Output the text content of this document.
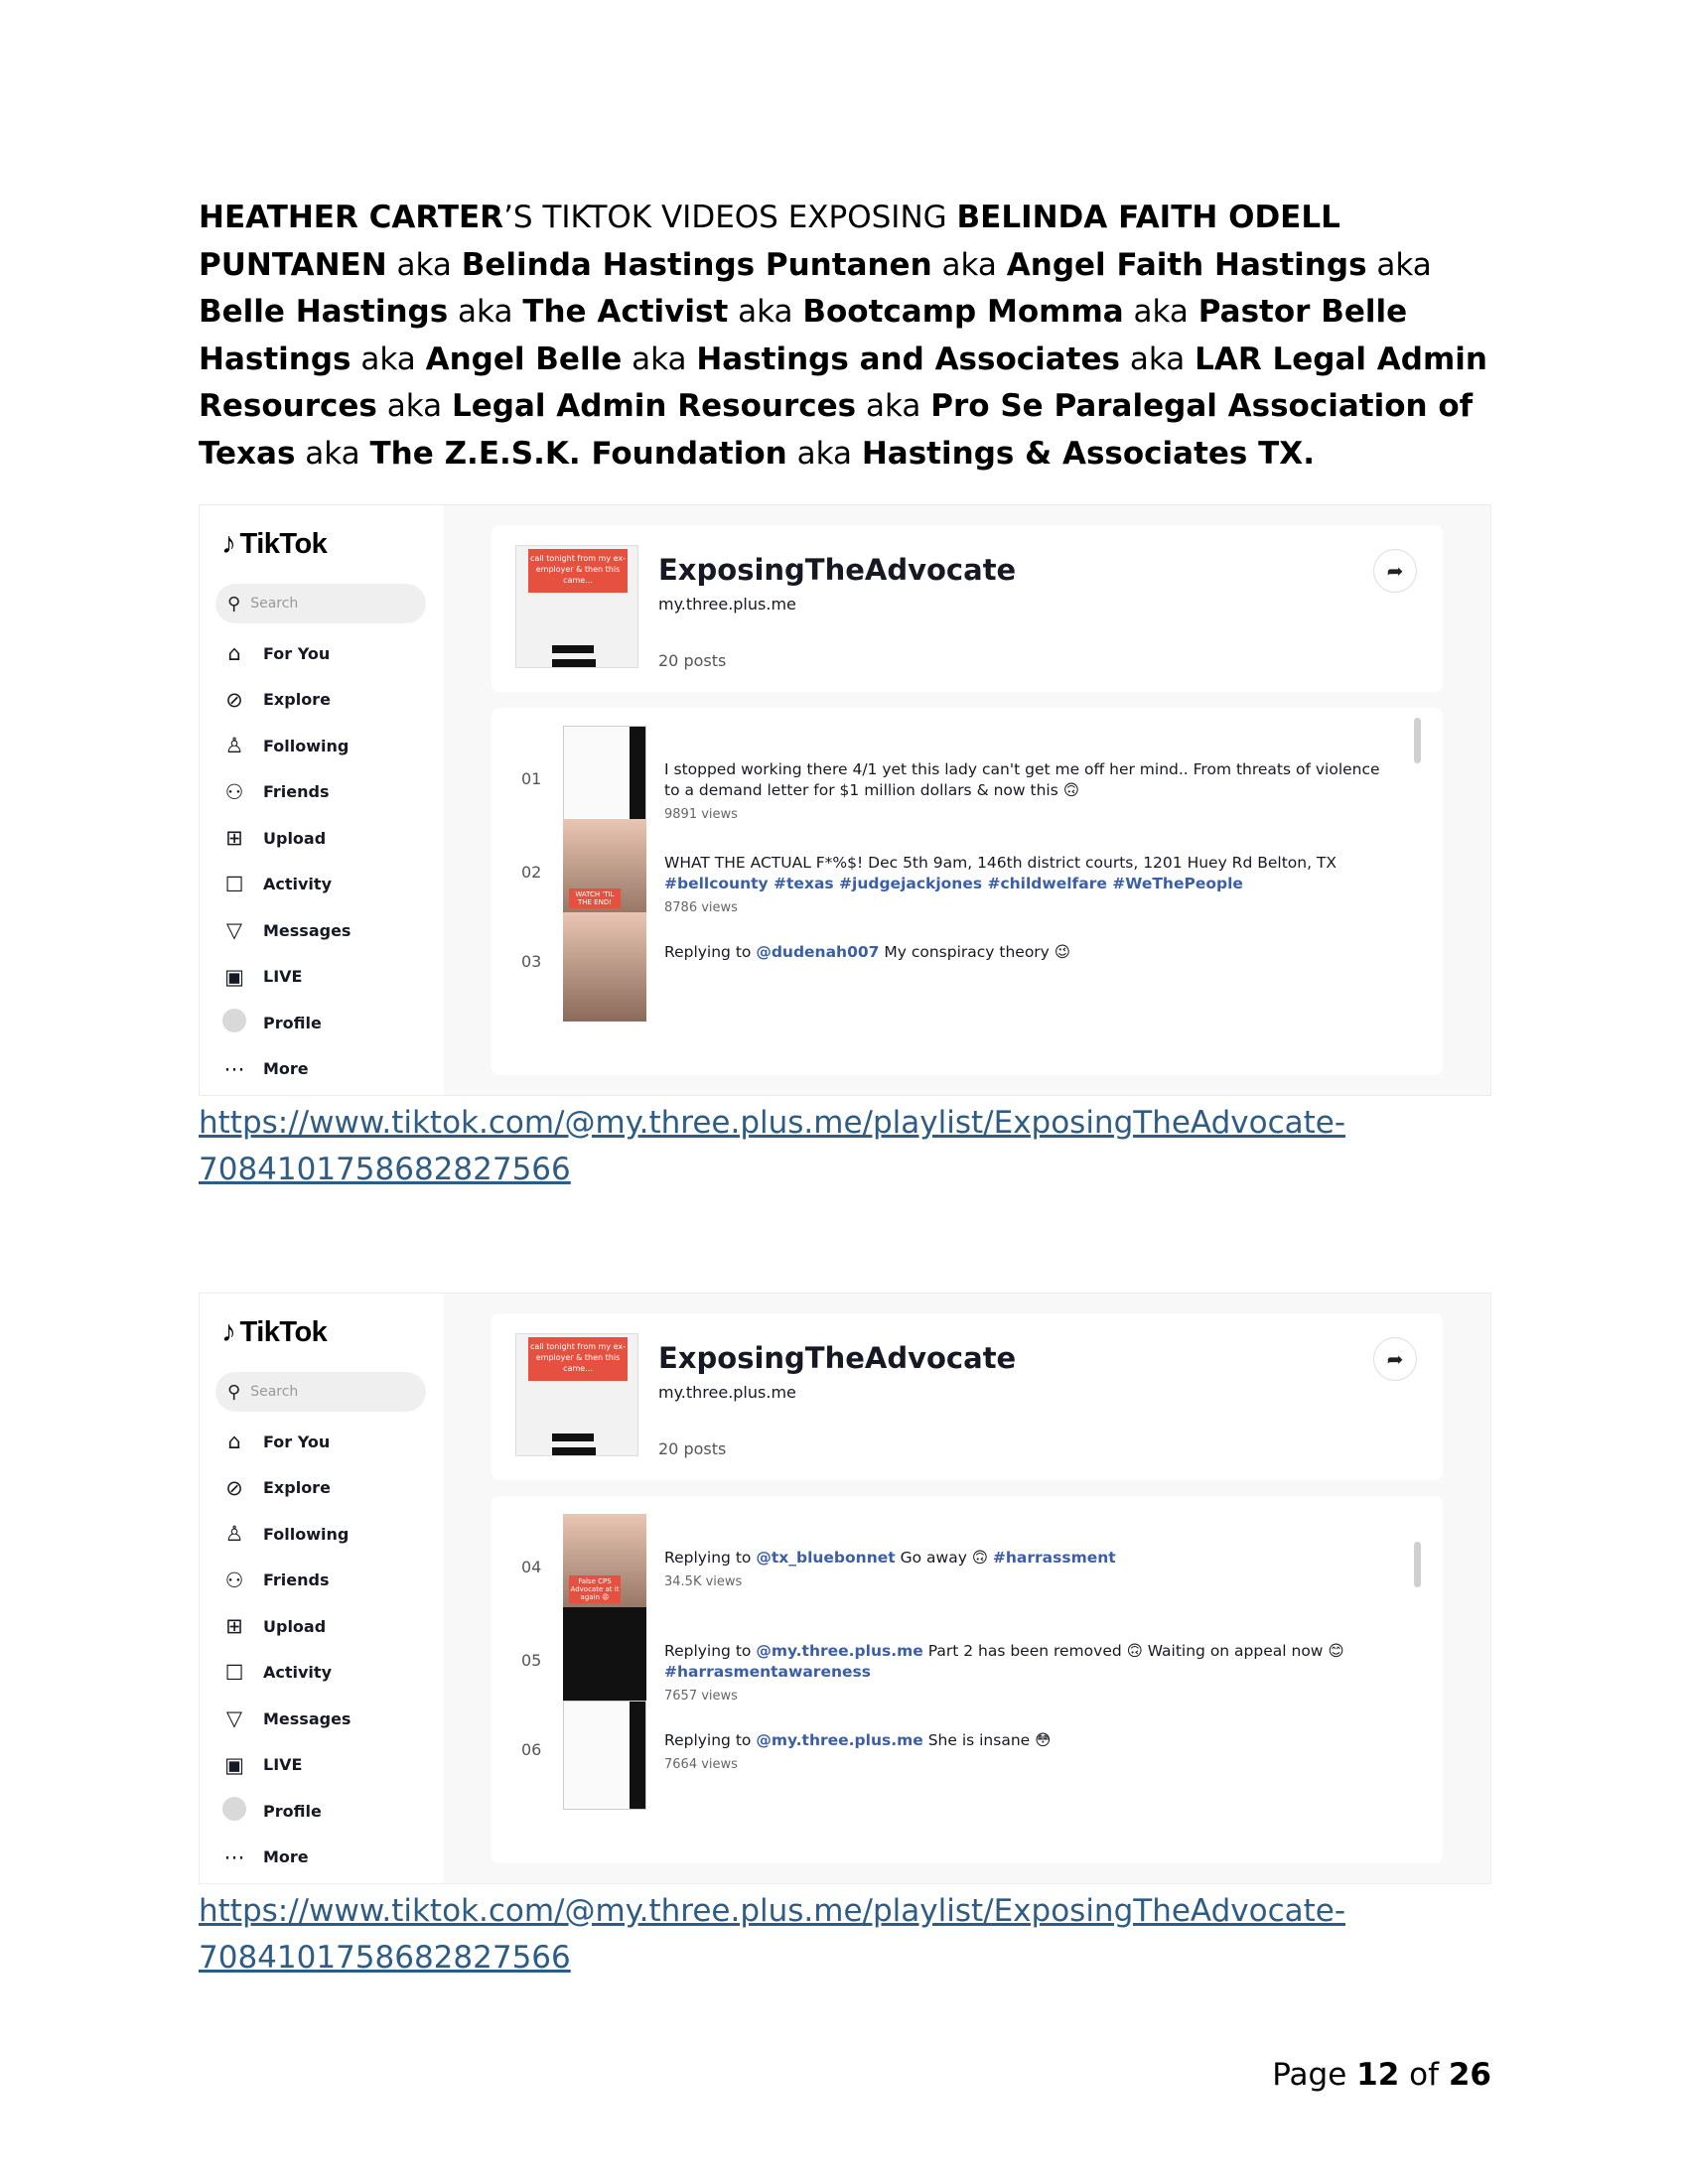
HEATHER CARTER’S TIKTOK VIDEOS EXPOSING BELINDA FAITH ODELL PUNTANEN aka Belinda Hastings Puntanen aka Angel Faith Hastings aka Belle Hastings aka The Activist aka Bootcamp Momma aka Pastor Belle Hastings aka Angel Belle aka Hastings and Associates aka LAR Legal Admin Resources aka Legal Admin Resources aka Pro Se Paralegal Association of Texas aka The Z.E.S.K. Foundation aka Hastings & Associates TX.
♪ TikTok
⚲ Search
⌂	For You
⊘ Explore
♙ Following
⚇ Friends
⊞ Upload
☐ Activity
▽	Messages
▣ LIVE
Profile
⋯ More
call tonight from my ex-employer & then this came...	ExposingTheAdvocate
my.three.plus.me
20 posts
➦
01	I stopped working there 4/1 yet this lady can't get me off her mind.. From threats of violence to a demand letter for $1 million dollars & now this 🙃
9891 views
02
WATCH 'TIL THE END!
WHAT THE ACTUAL F*%$! Dec 5th 9am, 146th district courts, 1201 Huey Rd Belton, TX #bellcounty #texas #judgejackjones #childwelfare #WeThePeople
8786 views
03	Replying to @dudenah007 My conspiracy theory 😉
https://www.tiktok.com/@my.three.plus.me/playlist/ExposingTheAdvocate-
7084101758682827566
♪ TikTok
⚲ Search
⌂	For You
⊘ Explore
♙ Following
⚇ Friends
⊞ Upload
☐ Activity
▽	Messages
▣ LIVE
Profile
⋯ More
call tonight from my ex-employer & then this came...	ExposingTheAdvocate
my.three.plus.me
20 posts
➦
04
False CPS Advocate at it again 😡
Replying to @tx_bluebonnet Go away 🙃 #harrassment
34.5K views
05	Replying to @my.three.plus.me Part 2 has been removed 🙃 Waiting on appeal now 😊 #harrasmentawareness
7657 views
06	Replying to @my.three.plus.me She is insane 😳
7664 views
https://www.tiktok.com/@my.three.plus.me/playlist/ExposingTheAdvocate-
7084101758682827566
Page 12 of 26
